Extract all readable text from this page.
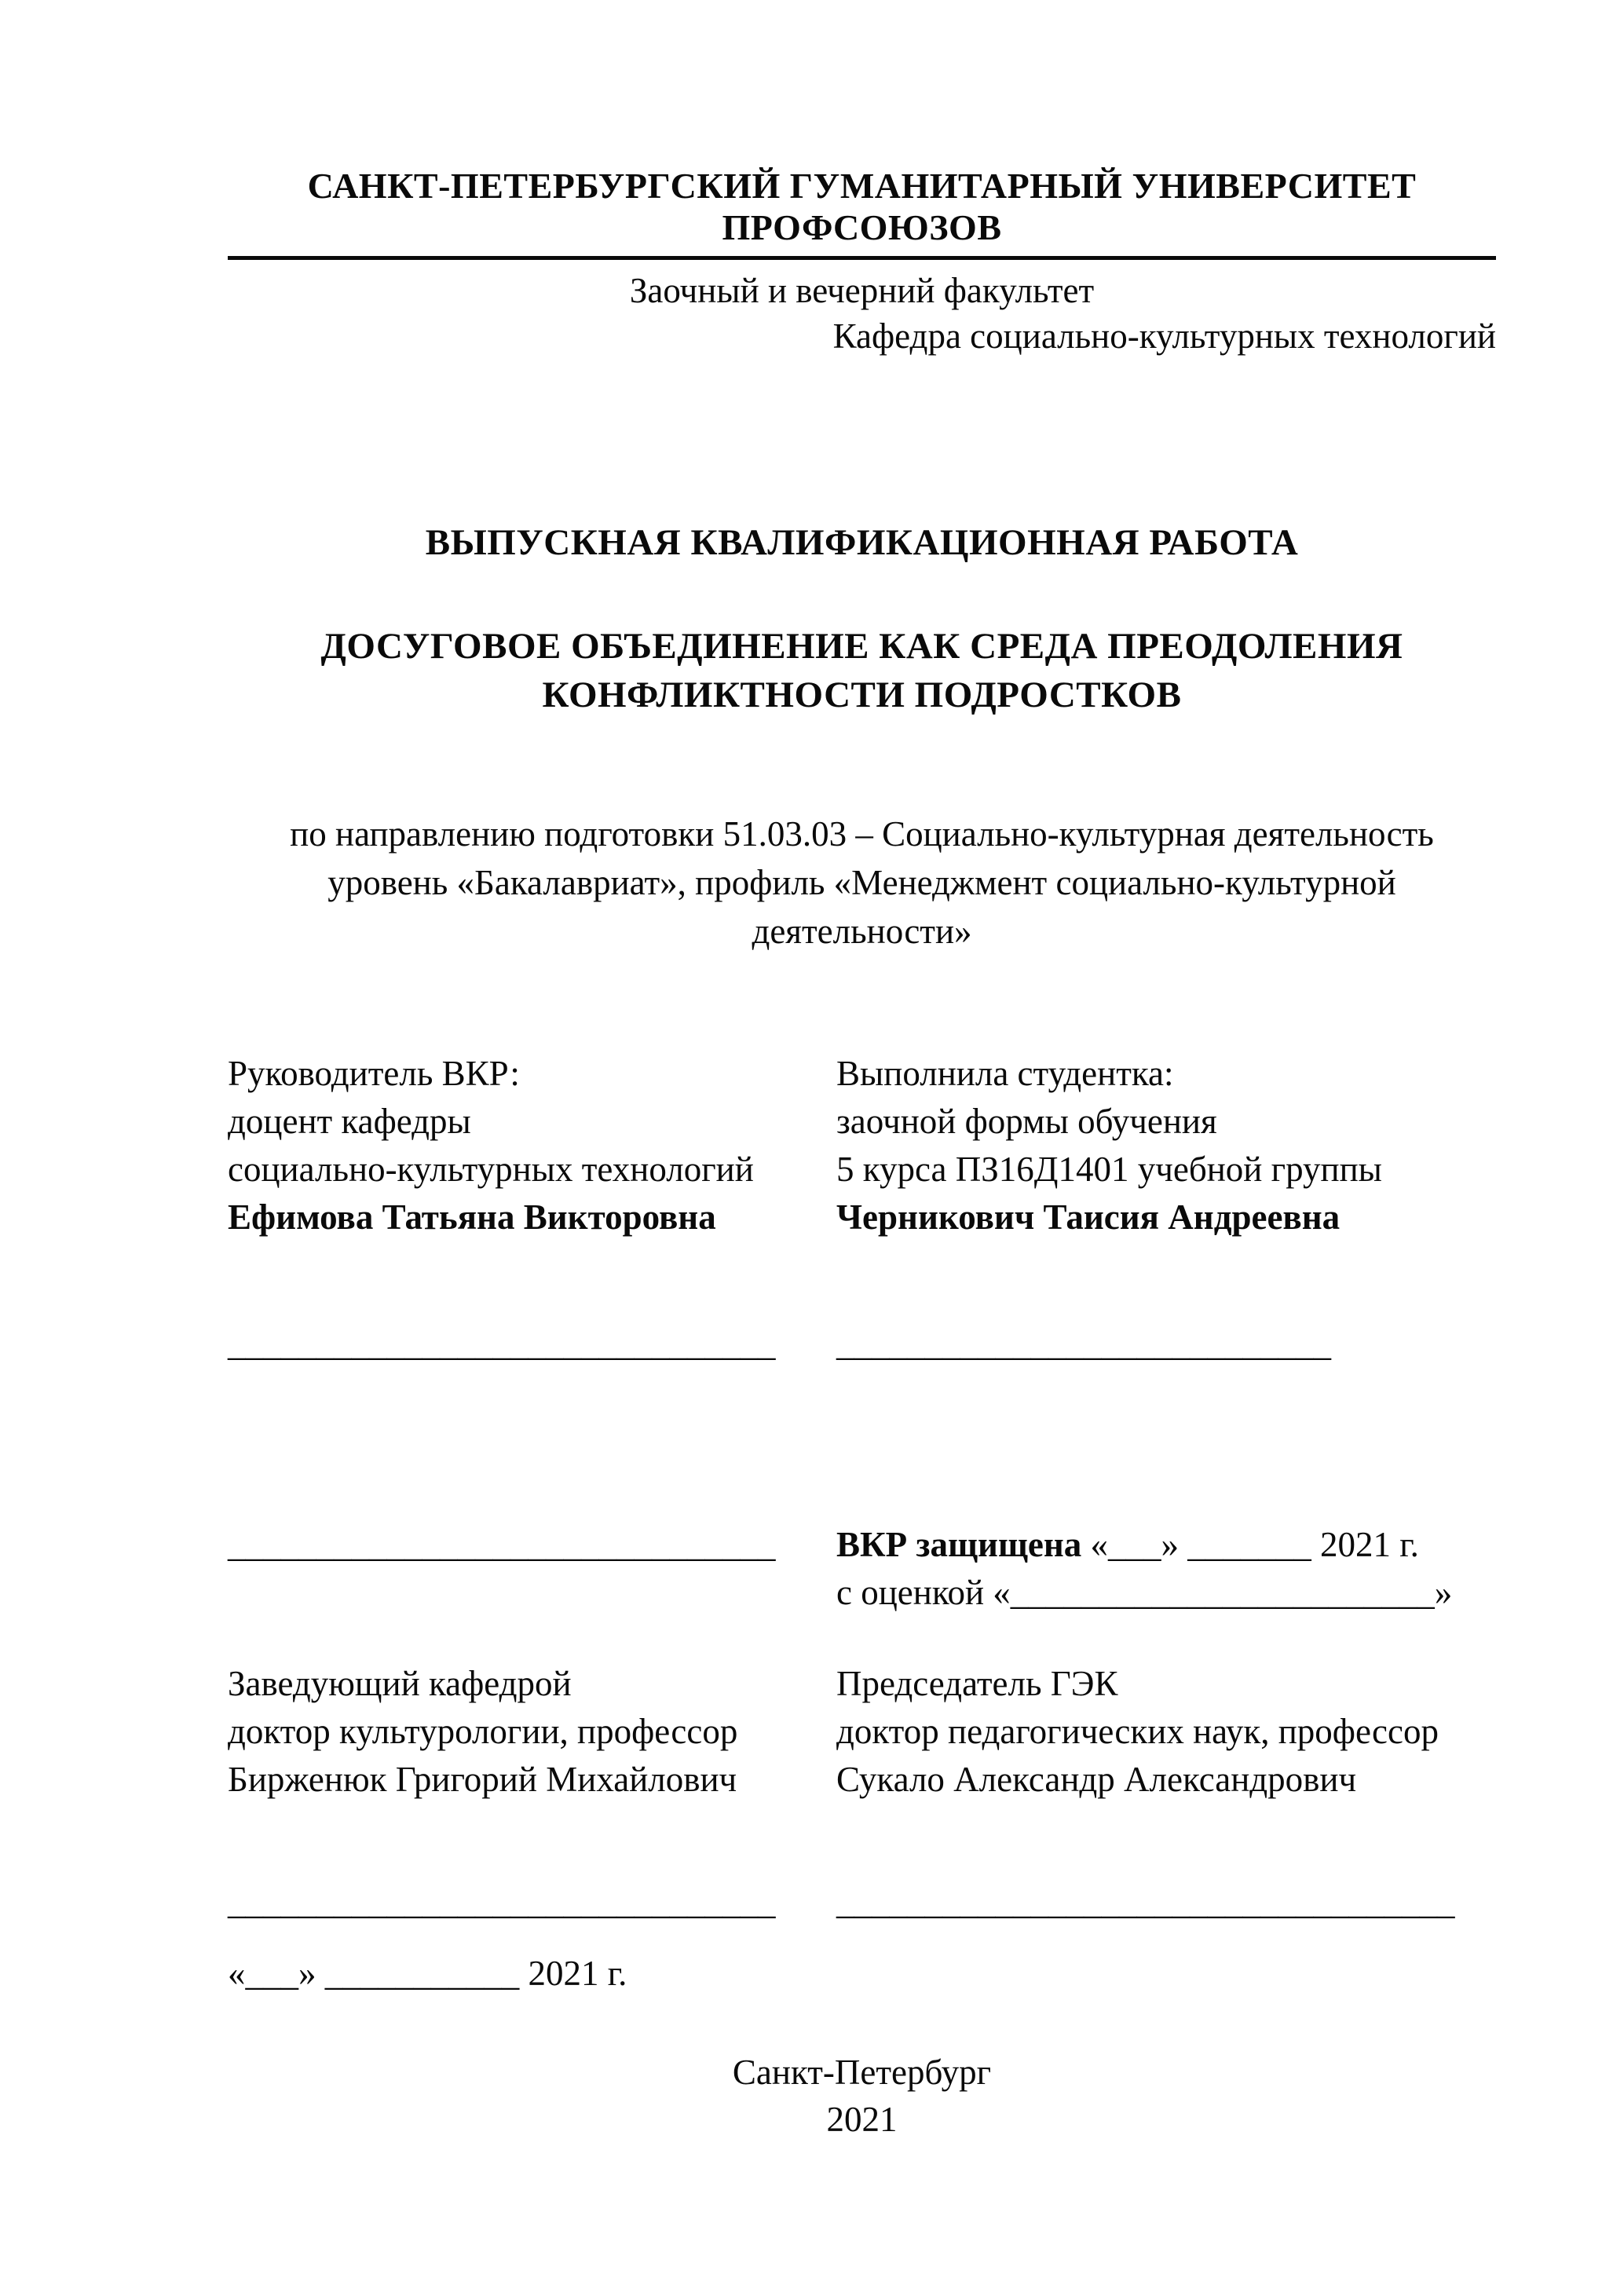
САНКТ-ПЕТЕРБУРГСКИЙ ГУМАНИТАРНЫЙ УНИВЕРСИТЕТ ПРОФСОЮЗОВ
Заочный и вечерний факультет
Кафедра социально-культурных технологий
ВЫПУСКНАЯ КВАЛИФИКАЦИОННАЯ РАБОТА
ДОСУГОВОЕ ОБЪЕДИНЕНИЕ КАК СРЕДА ПРЕОДОЛЕНИЯ
КОНФЛИКТНОСТИ ПОДРОСТКОВ
по направлению подготовки 51.03.03 – Социально-культурная деятельность
уровень «Бакалавриат», профиль «Менеджмент социально-культурной
деятельности»
Руководитель ВКР:
доцент кафедры
социально-культурных технологий
Ефимова Татьяна Викторовна
Выполнила студентка:
заочной формы обучения
5 курса ПЗ16Д1401 учебной группы
Черникович Таисия Андреевна
_______________________________	____________________________
_______________________________	ВКР защищена «___» _______ 2021 г.
с оценкой «________________________»
Заведующий кафедрой
доктор культурологии, профессор
Бирженюк Григорий Михайлович
Председатель ГЭК
доктор педагогических наук, профессор
Сукало Александр Александрович
_______________________________	___________________________________
«___» ___________ 2021 г.
Санкт-Петербург
2021
